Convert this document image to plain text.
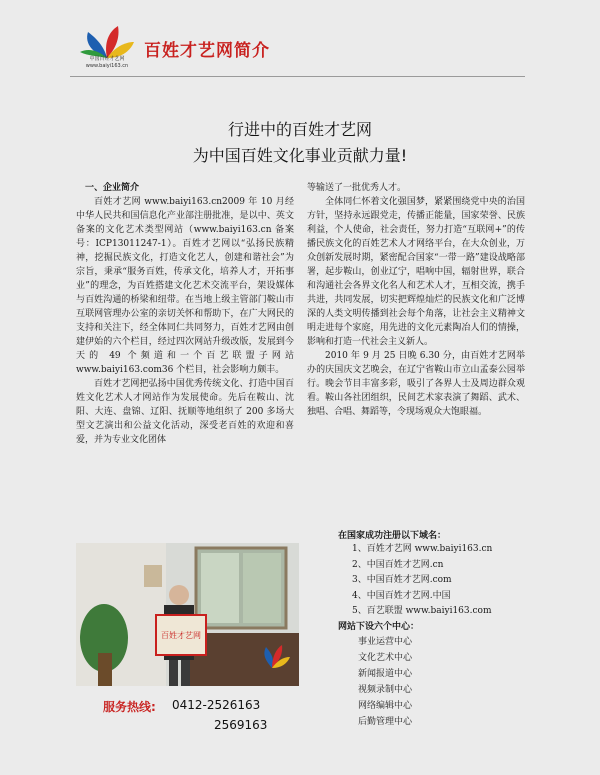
中国百姓才艺网
www.baiyi163.cn
百姓才艺网简介
行进中的百姓才艺网
为中国百姓文化事业贡献力量!

一、企业简介

百姓才艺网 www.baiyi163.cn2009 年 10 月经中华人民共和国信息化产业部注册批准，是以中、英文备案的文化艺术类型网站（www.baiyi163.cn 备案号：ICP13011247-1）。百姓才艺网以“弘扬民族精神，挖掘民族文化，打造文化艺人，创建和谐社会”为宗旨，秉承“服务百姓，传承文化，培养人才，开拓事业”的理念，为百姓搭建文化艺术交流平台，架设媒体与百姓沟通的桥梁和纽带。在当地上级主管部门鞍山市互联网管理办公室的亲切关怀和帮助下，在广大网民的支持和关注下，经全体同仁共同努力，百姓才艺网由创建伊始的六个栏目，经过四次网站升级改版，发展到今天的 49 个频道和一个百艺联盟子网站 www.baiyi163.com36 个栏目，社会影响力颇丰。

百姓才艺网把弘扬中国优秀传统文化、打造中国百姓文化艺术人才网站作为发展使命。先后在鞍山、沈阳、大连、盘锦、辽阳、抚顺等地组织了 200 多场大型文艺演出和公益文化活动，深受老百姓的欢迎和喜爱，并为专业文化团体

等输送了一批优秀人才。

全体同仁怀着文化强国梦，紧紧围绕党中央的治国方针，坚持永远跟党走，传播正能量，国家荣誉、民族利益，个人使命，社会责任，努力打造“互联网+”的传播民族文化的百姓艺术人才网络平台，在大众创业，万众创新发展时期，紧密配合国家“一带一路”建设战略部署，起步鞍山，创业辽宁，唱响中国，辐射世界，联合和沟通社会各界文化名人和艺术人才，互相交流，携手共进，共同发展，切实把辉煌灿烂的民族文化和广泛博深的人类文明传播到社会每个角落，让社会主义精神文明走进每个家庭，用先进的文化元素陶冶人们的情操，影响和打造一代社会主义新人。

2010 年 9 月 25 日晚 6.30 分，由百姓才艺网举办的庆国庆文艺晚会，在辽宁省鞍山市立山孟泰公园举行。晚会节目丰富多彩，吸引了各界人士及周边群众观看。鞍山各社团组织，民间艺术家表演了舞蹈、武术、独唱、合唱、舞蹈等，令现场观众大饱眼福。

百姓才艺网
服务热线: 0412-2526163
2569163
在国家成功注册以下域名：
1、百姓才艺网 www.baiyi163.cn
2、中国百姓才艺网.cn
3、中国百姓才艺网.com
4、中国百姓才艺网.中国
5、百艺联盟 www.baiyi163.com
网站下设六个中心：
事业运营中心
文化艺术中心
新闻报道中心
视频录制中心
网络编辑中心
后勤管理中心
